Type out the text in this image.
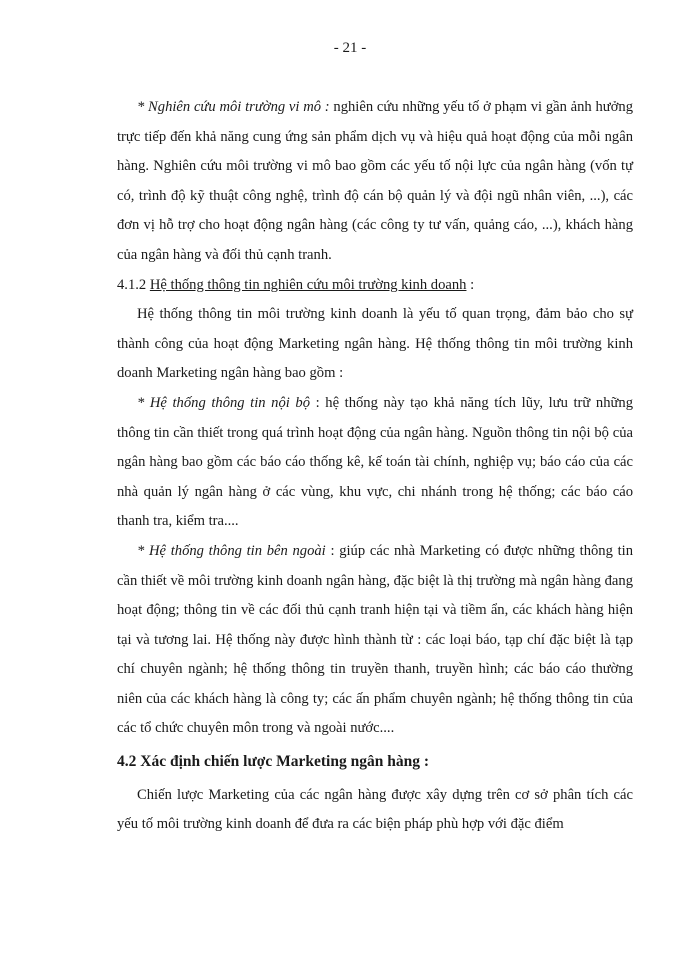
- 21 -

* Nghiên cứu môi trường vi mô : nghiên cứu những yếu tố ở phạm vi gần ảnh hưởng trực tiếp đến khả năng cung ứng sản phẩm dịch vụ và hiệu quả hoạt động của mỗi ngân hàng. Nghiên cứu môi trường vi mô bao gồm các yếu tố nội lực của ngân hàng (vốn tự có, trình độ kỹ thuật công nghệ, trình độ cán bộ quản lý và đội ngũ nhân viên, ...), các đơn vị hỗ trợ cho hoạt động ngân hàng (các công ty tư vấn, quảng cáo, ...), khách hàng của ngân hàng và đối thủ cạnh tranh.

4.1.2 Hệ thống thông tin nghiên cứu môi trường kinh doanh :

Hệ thống thông tin môi trường kinh doanh là yếu tố quan trọng, đảm bảo cho sự thành công của hoạt động Marketing ngân hàng. Hệ thống thông tin môi trường kinh doanh Marketing ngân hàng bao gồm :

* Hệ thống thông tin nội bộ : hệ thống này tạo khả năng tích lũy, lưu trữ những thông tin cần thiết trong quá trình hoạt động của ngân hàng. Nguồn thông tin nội bộ của ngân hàng bao gồm các báo cáo thống kê, kế toán tài chính, nghiệp vụ; báo cáo của các nhà quản lý ngân hàng ở các vùng, khu vực, chi nhánh trong hệ thống; các báo cáo thanh tra, kiểm tra....

* Hệ thống thông tin bên ngoài : giúp các nhà Marketing có được những thông tin cần thiết về môi trường kinh doanh ngân hàng, đặc biệt là thị trường mà ngân hàng đang hoạt động; thông tin về các đối thủ cạnh tranh hiện tại và tiềm ẩn, các khách hàng hiện tại và tương lai. Hệ thống này được hình thành từ : các loại báo, tạp chí đặc biệt là tạp chí chuyên ngành; hệ thống thông tin truyền thanh, truyền hình; các báo cáo thường niên của các khách hàng là công ty; các ấn phẩm chuyên ngành; hệ thống thông tin của các tổ chức chuyên môn trong và ngoài nước....

4.2 Xác định chiến lược Marketing ngân hàng :

Chiến lược Marketing của các ngân hàng được xây dựng trên cơ sở phân tích các yếu tố môi trường kinh doanh để đưa ra các biện pháp phù hợp với đặc điểm
